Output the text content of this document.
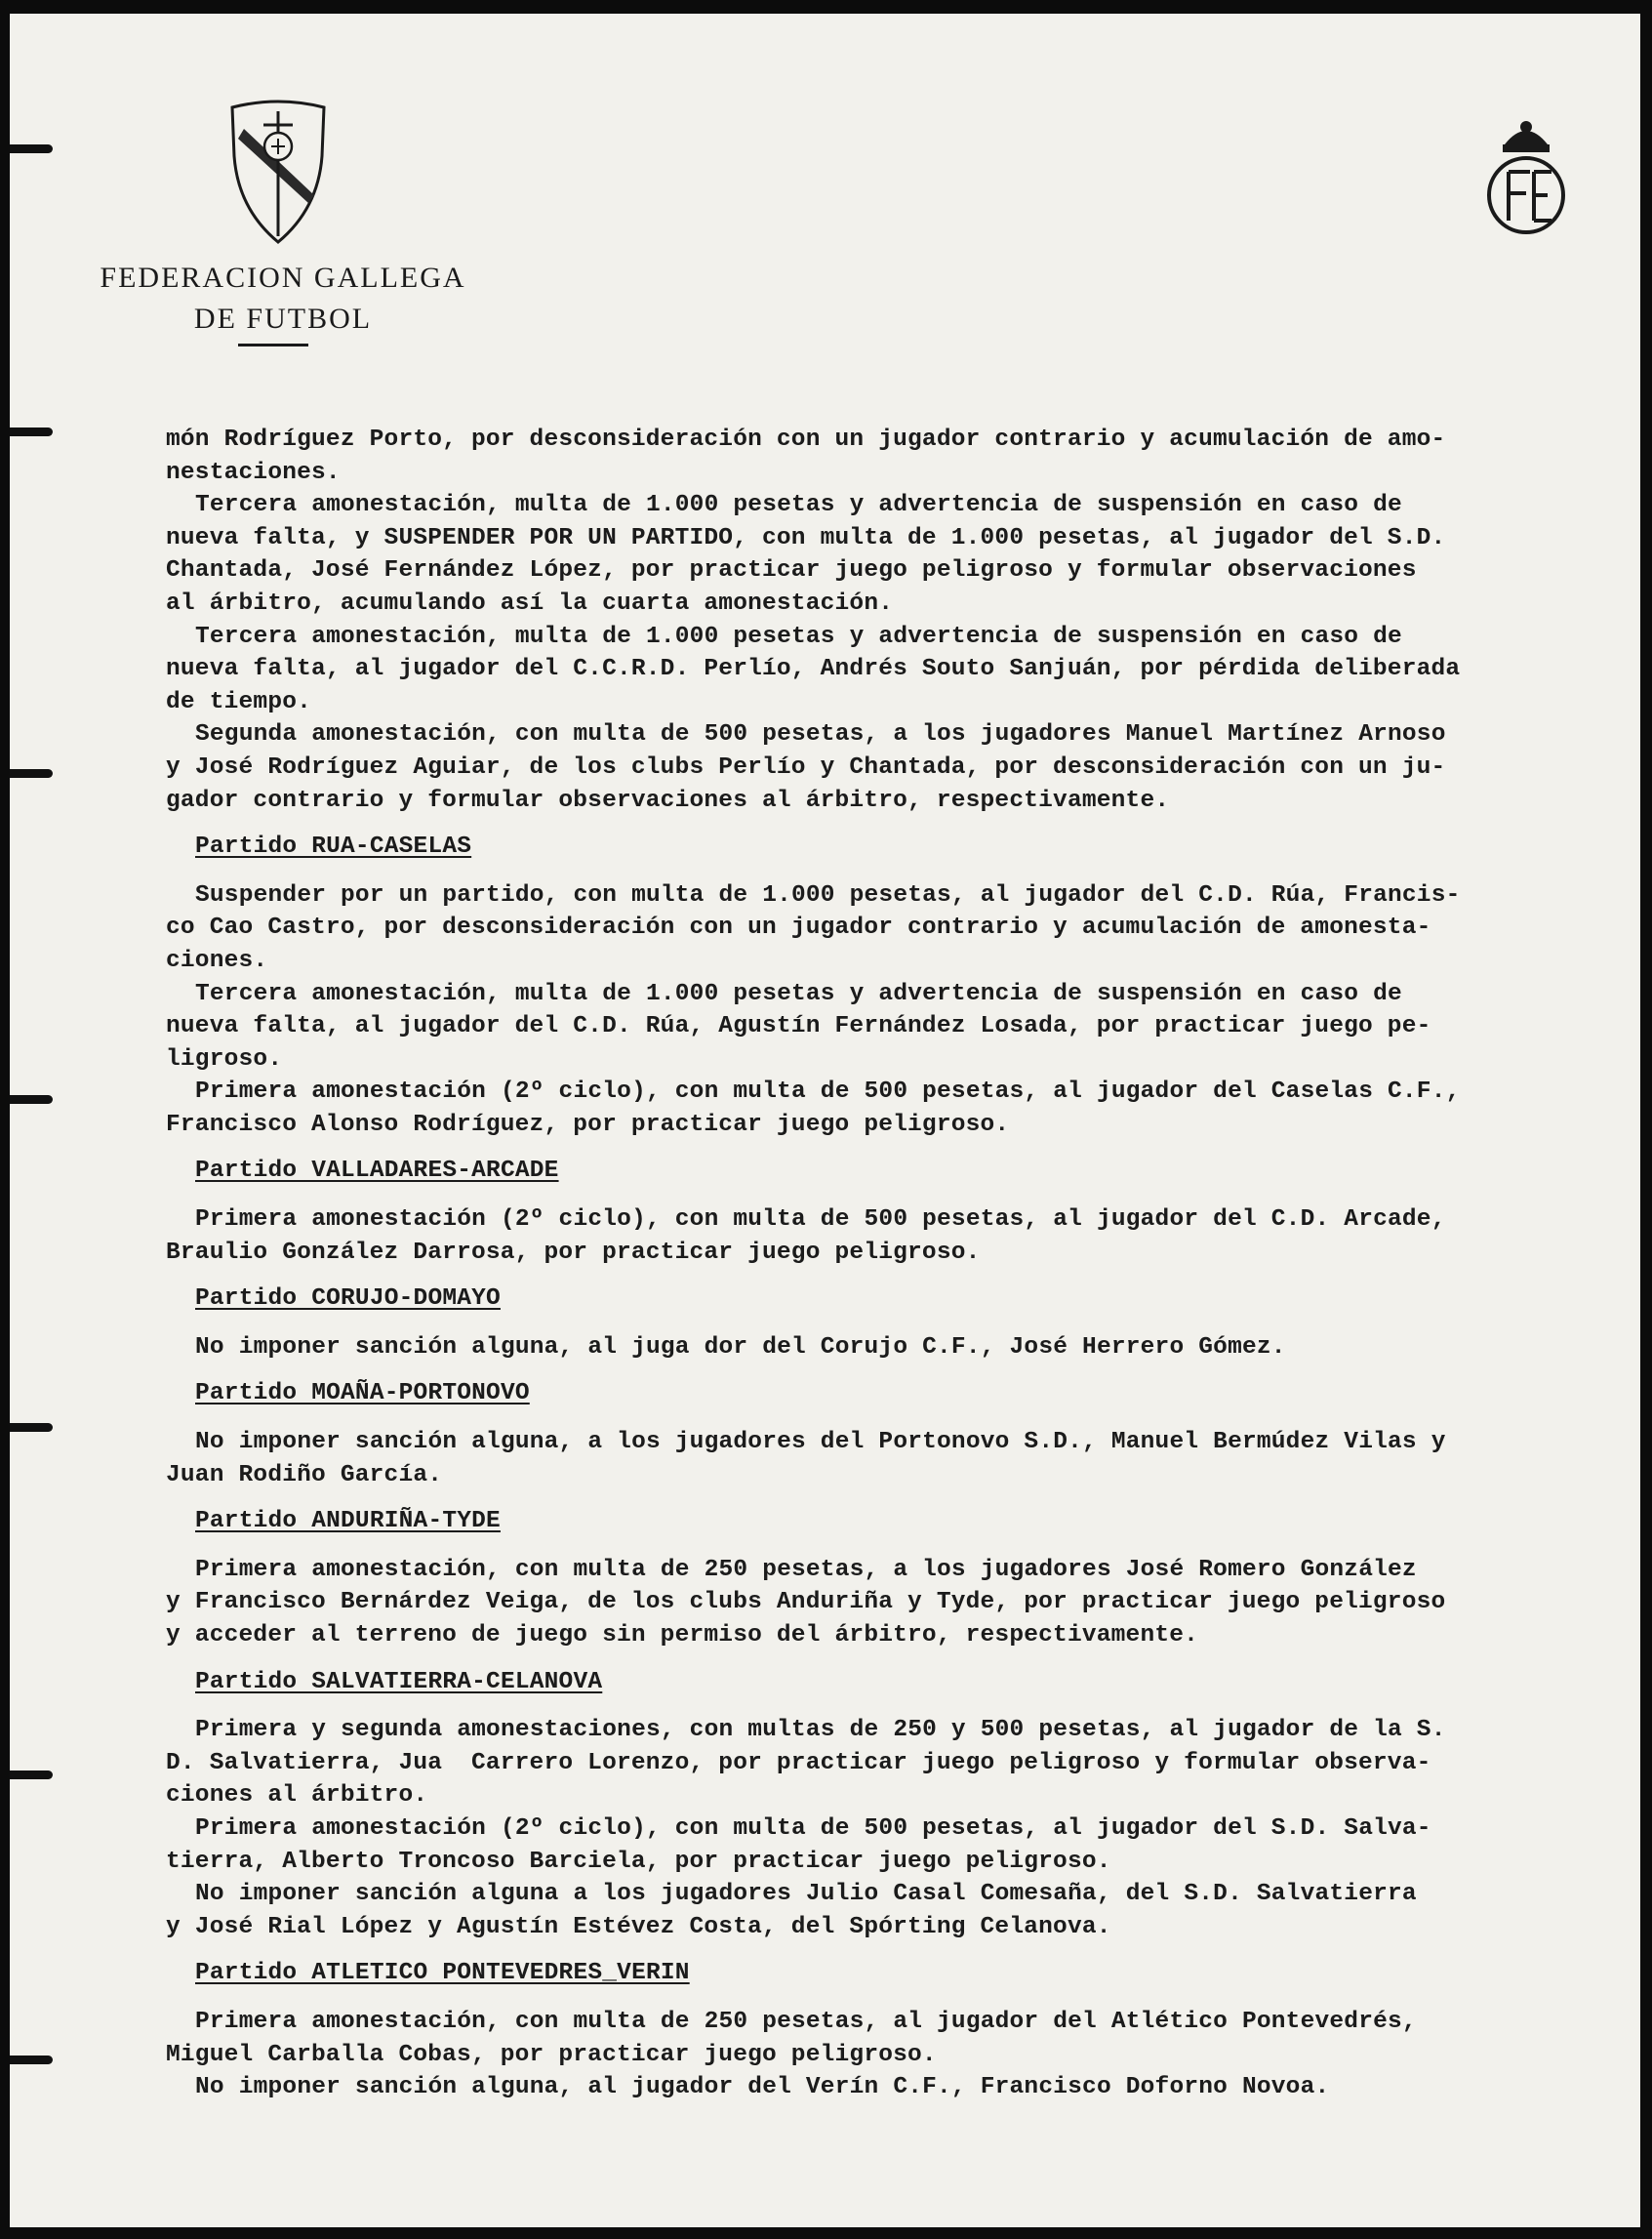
FEDERACION GALLEGA
DE FUTBOL
món Rodríguez Porto, por desconsideración con un jugador contrario y acumulación de amo-
nestaciones.
Tercera amonestación, multa de 1.000 pesetas y advertencia de suspensión en caso de
nueva falta, y SUSPENDER POR UN PARTIDO, con multa de 1.000 pesetas, al jugador del S.D.
Chantada, José Fernández López, por practicar juego peligroso y formular observaciones
al árbitro, acumulando así la cuarta amonestación.
Tercera amonestación, multa de 1.000 pesetas y advertencia de suspensión en caso de
nueva falta, al jugador del C.C.R.D. Perlío, Andrés Souto Sanjuán, por pérdida deliberada
de tiempo.
Segunda amonestación, con multa de 500 pesetas, a los jugadores Manuel Martínez Arnoso
y José Rodríguez Aguiar, de los clubs Perlío y Chantada, por desconsideración con un ju-
gador contrario y formular observaciones al árbitro, respectivamente.
Partido RUA-CASELAS
Suspender por un partido, con multa de 1.000 pesetas, al jugador del C.D. Rúa, Francis-
co Cao Castro, por desconsideración con un jugador contrario y acumulación de amonesta-
ciones.
Tercera amonestación, multa de 1.000 pesetas y advertencia de suspensión en caso de
nueva falta, al jugador del C.D. Rúa, Agustín Fernández Losada, por practicar juego pe-
ligroso.
Primera amonestación (2º ciclo), con multa de 500 pesetas, al jugador del Caselas C.F.,
Francisco Alonso Rodríguez, por practicar juego peligroso.
Partido VALLADARES-ARCADE
Primera amonestación (2º ciclo), con multa de 500 pesetas, al jugador del C.D. Arcade,
Braulio González Darrosa, por practicar juego peligroso.
Partido CORUJO-DOMAYO
No imponer sanción alguna, al juga dor del Corujo C.F., José Herrero Gómez.
Partido MOAÑA-PORTONOVO
No imponer sanción alguna, a los jugadores del Portonovo S.D., Manuel Bermúdez Vilas y
Juan Rodiño García.
Partido ANDURIÑA-TYDE
Primera amonestación, con multa de 250 pesetas, a los jugadores José Romero González
y Francisco Bernárdez Veiga, de los clubs Anduriña y Tyde, por practicar juego peligroso
y acceder al terreno de juego sin permiso del árbitro, respectivamente.
Partido SALVATIERRA-CELANOVA
Primera y segunda amonestaciones, con multas de 250 y 500 pesetas, al jugador de la S.
D. Salvatierra, Jua  Carrero Lorenzo, por practicar juego peligroso y formular observa-
ciones al árbitro.
Primera amonestación (2º ciclo), con multa de 500 pesetas, al jugador del S.D. Salva-
tierra, Alberto Troncoso Barciela, por practicar juego peligroso.
No imponer sanción alguna a los jugadores Julio Casal Comesaña, del S.D. Salvatierra
y José Rial López y Agustín Estévez Costa, del Spórting Celanova.
Partido ATLETICO PONTEVEDRES_VERIN
Primera amonestación, con multa de 250 pesetas, al jugador del Atlético Pontevedrés,
Miguel Carballa Cobas, por practicar juego peligroso.
No imponer sanción alguna, al jugador del Verín C.F., Francisco Doforno Novoa.
